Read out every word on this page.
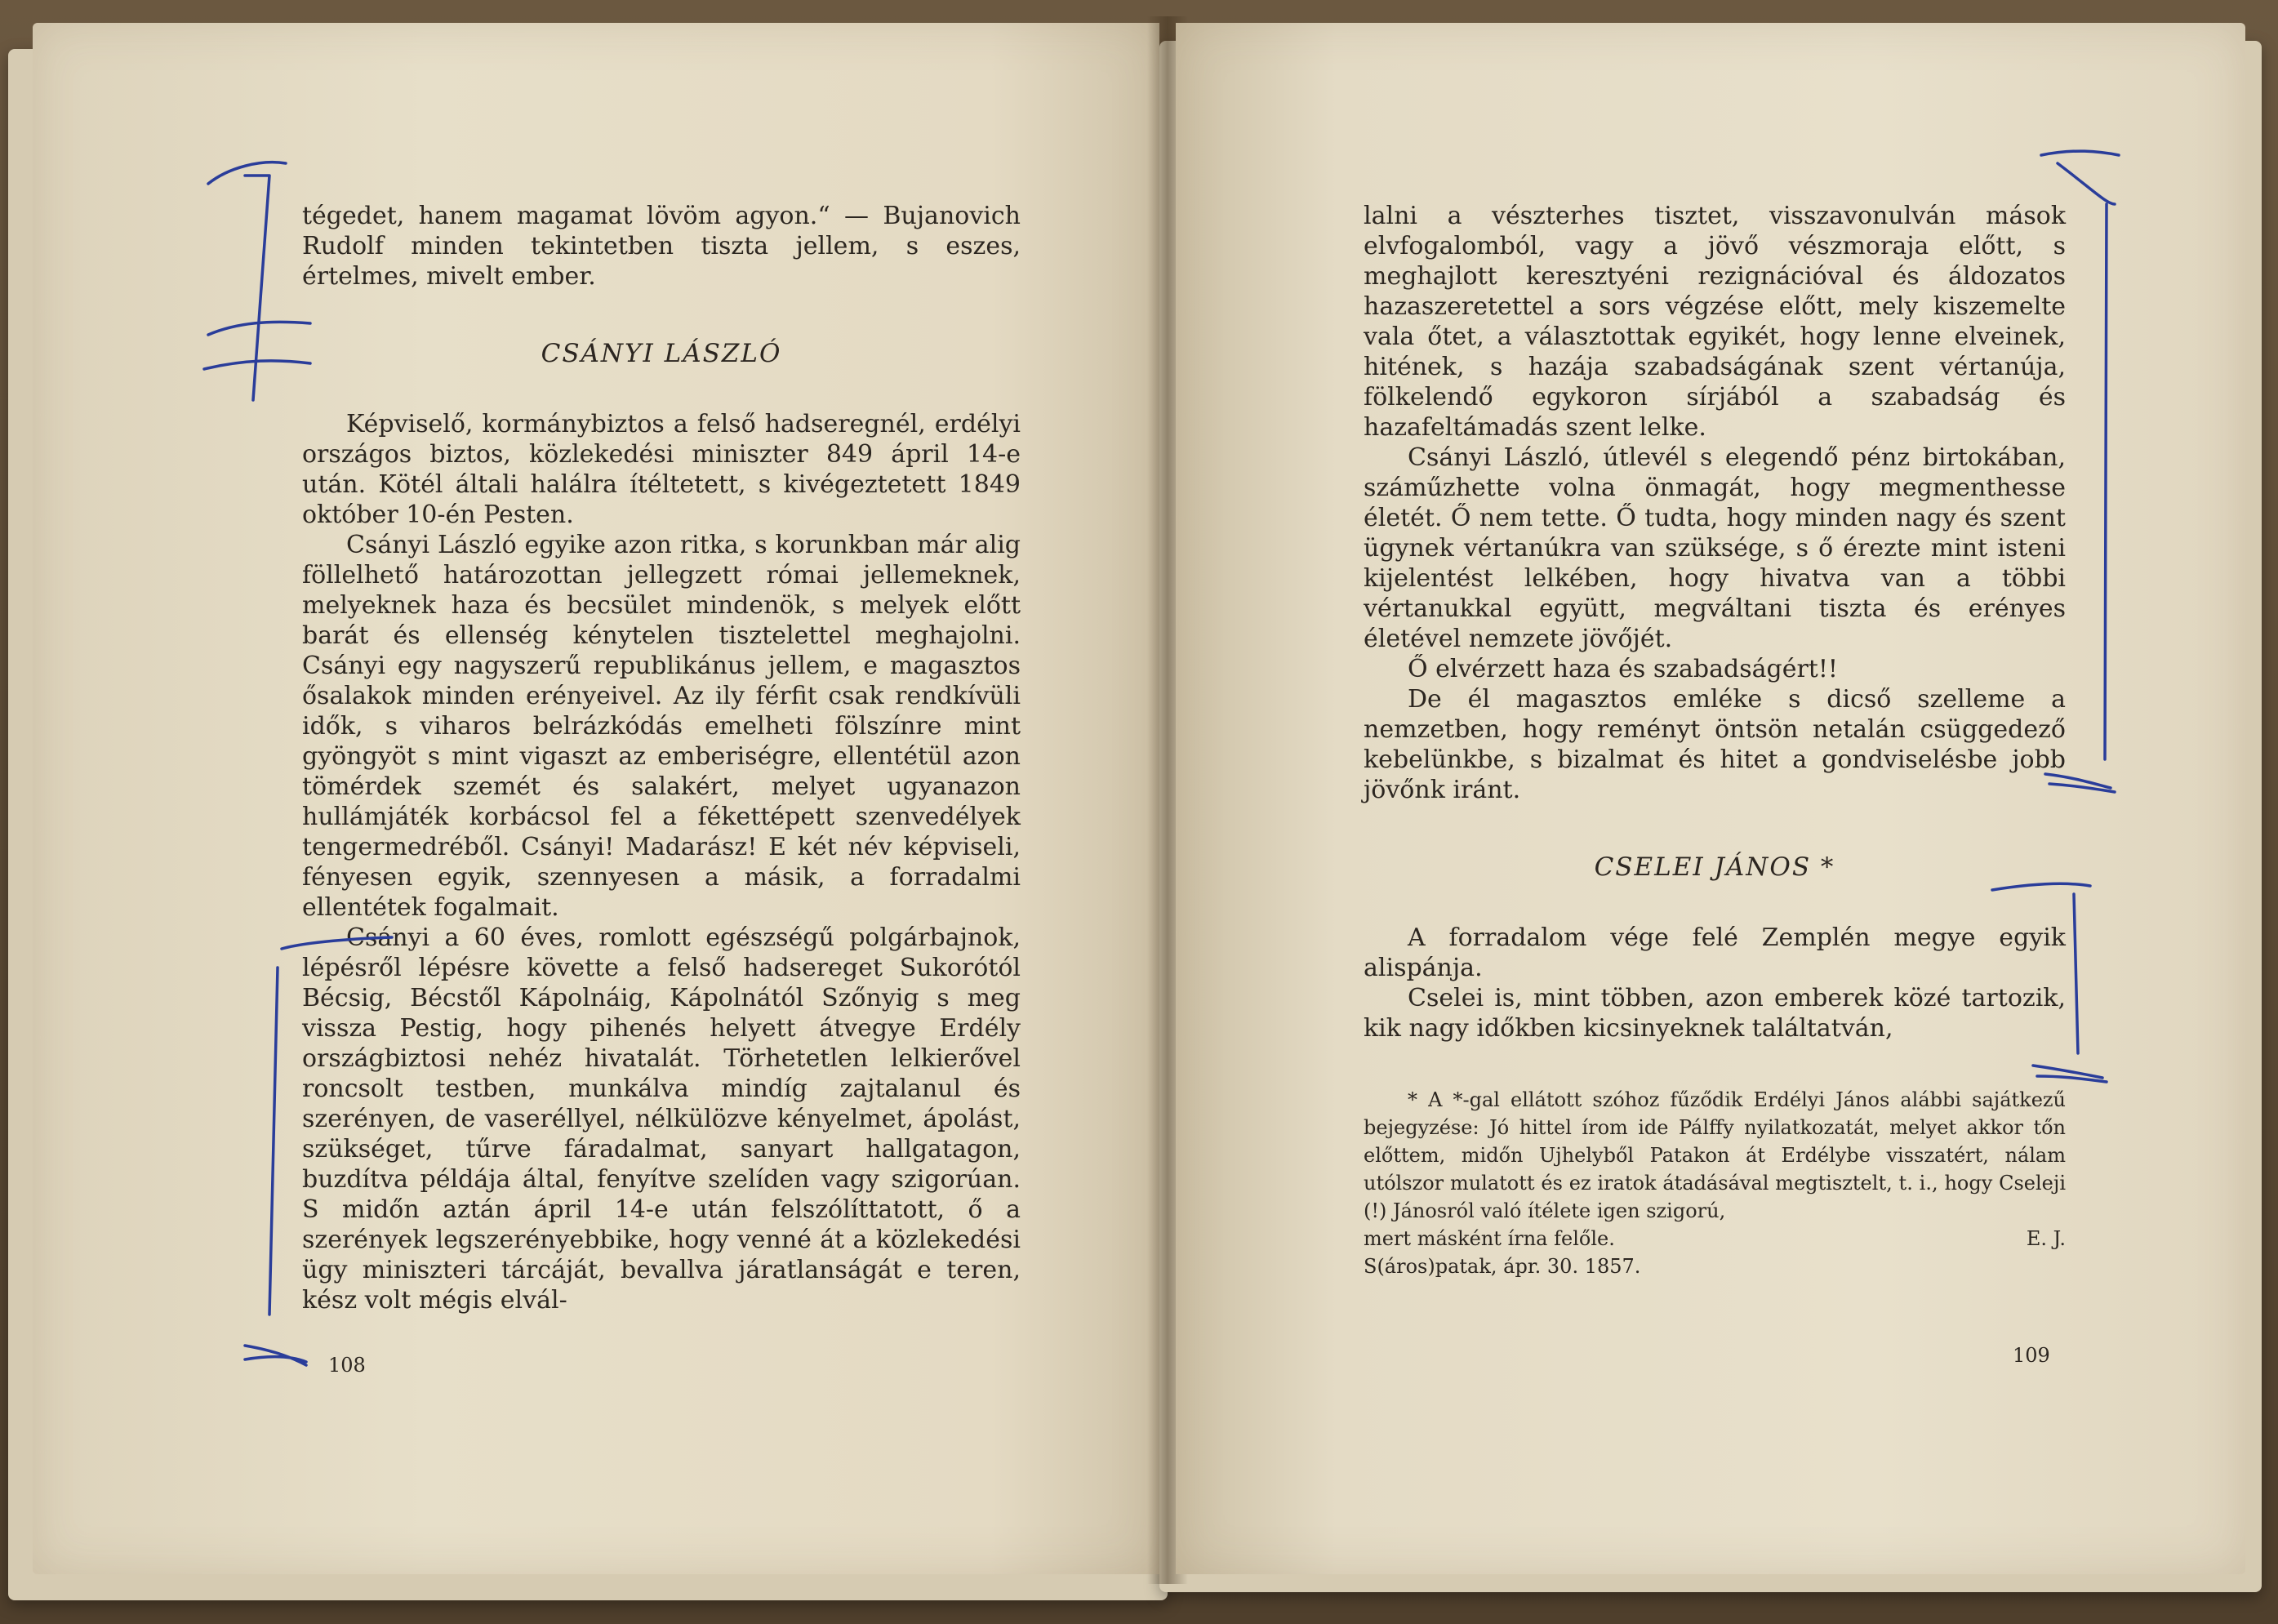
tégedet, hanem magamat lövöm agyon.“ — Bujanovich Rudolf minden tekintetben tiszta jellem, s eszes, értelmes, mivelt ember.

CSÁNYI LÁSZLÓ

Képviselő, kormánybiztos a felső hadseregnél, erdélyi országos biztos, közlekedési miniszter 849 ápril 14-e után. Kötél általi halálra ítéltetett, s kivégeztetett 1849 október 10-én Pesten.

Csányi László egyike azon ritka, s korunkban már alig föllelhető határozottan jellegzett római jellemeknek, melyeknek haza és becsület mindenök, s melyek előtt barát és ellenség kénytelen tisztelettel meghajolni. Csányi egy nagyszerű republikánus jellem, e magasztos ősalakok minden erényeivel. Az ily férfit csak rendkívüli idők, s viharos belrázkódás emelheti fölszínre mint gyöngyöt s mint vigaszt az emberiségre, ellentétül azon tömérdek szemét és salakért, melyet ugyanazon hullámjáték korbácsol fel a fékettépett szenvedélyek tengermedréből. Csányi! Madarász! E két név képviseli, fényesen egyik, szennyesen a másik, a forradalmi ellentétek fogalmait.

Csányi a 60 éves, romlott egészségű polgárbajnok, lépésről lépésre követte a felső hadsereget Sukorótól Bécsig, Bécstől Kápolnáig, Kápolnától Szőnyig s meg vissza Pestig, hogy pihenés helyett átvegye Erdély országbiztosi nehéz hivatalát. Törhetetlen lelkierővel roncsolt testben, munkálva mindíg zajtalanul és szerényen, de vaseréllyel, nélkülözve kényelmet, ápolást, szükséget, tűrve fáradalmat, sanyart hallgatagon, buzdítva példája által, fenyítve szelíden vagy szigorúan. S midőn aztán ápril 14-e után felszólíttatott, ő a szerények legszerényebbike, hogy venné át a közlekedési ügy miniszteri tárcáját, bevallva járatlanságát e teren, kész volt mégis elvál-

108

lalni a vészterhes tisztet, visszavonulván mások elvfogalomból, vagy a jövő vészmoraja előtt, s meghajlott keresztyéni rezignációval és áldozatos hazaszeretettel a sors végzése előtt, mely kiszemelte vala őtet, a választottak egyikét, hogy lenne elveinek, hitének, s hazája szabadságának szent vértanúja, fölkelendő egykoron sírjából a szabadság és hazafeltámadás szent lelke.

Csányi László, útlevél s elegendő pénz birtokában, száműzhette volna önmagát, hogy megmenthesse életét. Ő nem tette. Ő tudta, hogy minden nagy és szent ügynek vértanúkra van szüksége, s ő érezte mint isteni kijelentést lelkében, hogy hivatva van a többi vértanukkal együtt, megváltani tiszta és erényes életével nemzete jövőjét.

Ő elvérzett haza és szabadságért!!

De él magasztos emléke s dicső szelleme a nemzetben, hogy reményt öntsön netalán csüggedező kebelünkbe, s bizalmat és hitet a gondviselésbe jobb jövőnk iránt.

CSELEI JÁNOS *

A forradalom vége felé Zemplén megye egyik alispánja.

Cselei is, mint többen, azon emberek közé tartozik, kik nagy időkben kicsinyeknek találtatván,

* A *-gal ellátott szóhoz fűződik Erdélyi János alábbi sajátkezű bejegyzése: Jó hittel írom ide Pálffy nyilatkozatát, melyet akkor tőn előttem, midőn Ujhelyből Patakon át Erdélybe visszatért, nálam utólszor mulatott és ez iratok átadásával megtisztelt, t. i., hogy Cseleji (!) Jánosról való ítélete igen szigorú,

mert másként írna felőle.	E. J.

S(áros)patak, ápr. 30. 1857.

109
